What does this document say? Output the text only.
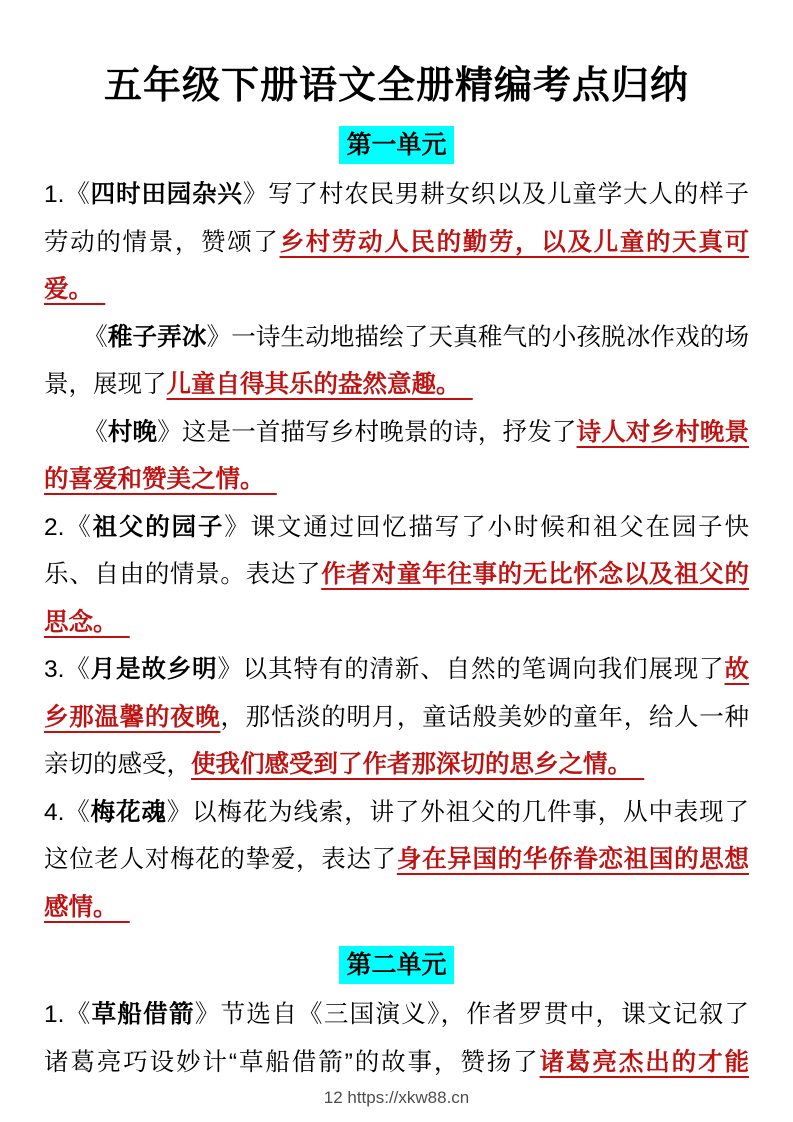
五年级下册语文全册精编考点归纳
第一单元
1.《四时田园杂兴》写了村农民男耕女织以及儿童学大人的样子
劳动的情景，赞颂了乡村劳动人民的勤劳，以及儿童的天真可
爱。　
《稚子弄冰》一诗生动地描绘了天真稚气的小孩脱冰作戏的场
景，展现了儿童自得其乐的盎然意趣。　
《村晚》这是一首描写乡村晚景的诗，抒发了诗人对乡村晚景
的喜爱和赞美之情。　
2.《祖父的园子》课文通过回忆描写了小时候和祖父在园子快
乐、自由的情景。表达了作者对童年往事的无比怀念以及祖父的
思念。　
3.《月是故乡明》以其特有的清新、自然的笔调向我们展现了故
乡那温馨的夜晚，那恬淡的明月，童话般美妙的童年，给人一种
亲切的感受，使我们感受到了作者那深切的思乡之情。　
4.《梅花魂》以梅花为线索，讲了外祖父的几件事，从中表现了
这位老人对梅花的挚爱，表达了身在异国的华侨眷恋祖国的思想
感情。　
第二单元
1.《草船借箭》节选自《三国演义》，作者罗贯中，课文记叙了
诸葛亮巧设妙计“草船借箭”的故事，赞扬了诸葛亮杰出的才能
12 https://xkw88.cn
